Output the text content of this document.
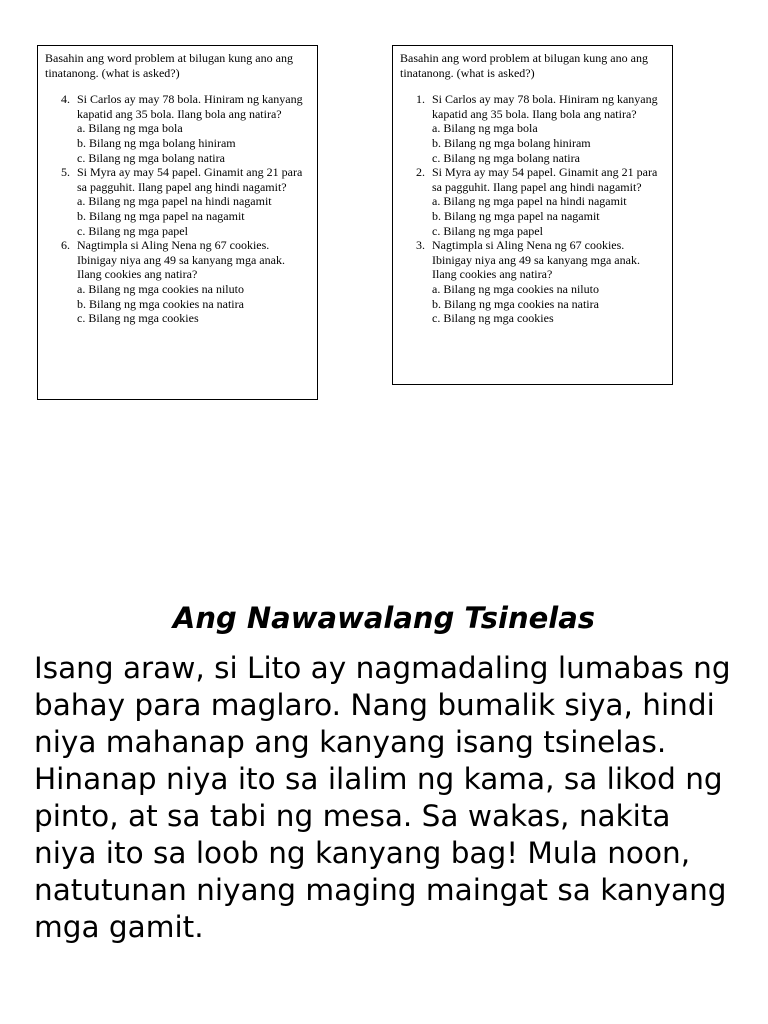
Basahin ang word problem at bilugan kung ano ang tinatanong. (what is asked?)

4. Si Carlos ay may 78 bola. Hiniram ng kanyang kapatid ang 35 bola. Ilang bola ang natira?
a. Bilang ng mga bola
b. Bilang ng mga bolang hiniram
c. Bilang ng mga bolang natira
5. Si Myra ay may 54 papel. Ginamit ang 21 para sa pagguhit. Ilang papel ang hindi nagamit?
a. Bilang ng mga papel na hindi nagamit
b. Bilang ng mga papel na nagamit
c. Bilang ng mga papel
6. Nagtimpla si Aling Nena ng 67 cookies. Ibinigay niya ang 49 sa kanyang mga anak. Ilang cookies ang natira?
a. Bilang ng mga cookies na niluto
b. Bilang ng mga cookies na natira
c. Bilang ng mga cookies

Basahin ang word problem at bilugan kung ano ang tinatanong. (what is asked?)

1. Si Carlos ay may 78 bola. Hiniram ng kanyang kapatid ang 35 bola. Ilang bola ang natira?
a. Bilang ng mga bola
b. Bilang ng mga bolang hiniram
c. Bilang ng mga bolang natira
2. Si Myra ay may 54 papel. Ginamit ang 21 para sa pagguhit. Ilang papel ang hindi nagamit?
a. Bilang ng mga papel na hindi nagamit
b. Bilang ng mga papel na nagamit
c. Bilang ng mga papel
3. Nagtimpla si Aling Nena ng 67 cookies. Ibinigay niya ang 49 sa kanyang mga anak. Ilang cookies ang natira?
a. Bilang ng mga cookies na niluto
b. Bilang ng mga cookies na natira
c. Bilang ng mga cookies
Ang Nawawalang Tsinelas

Isang araw, si Lito ay nagmadaling lumabas ng bahay para maglaro. Nang bumalik siya, hindi niya mahanap ang kanyang isang tsinelas. Hinanap niya ito sa ilalim ng kama, sa likod ng pinto, at sa tabi ng mesa. Sa wakas, nakita niya ito sa loob ng kanyang bag! Mula noon, natutunan niyang maging maingat sa kanyang mga gamit.
